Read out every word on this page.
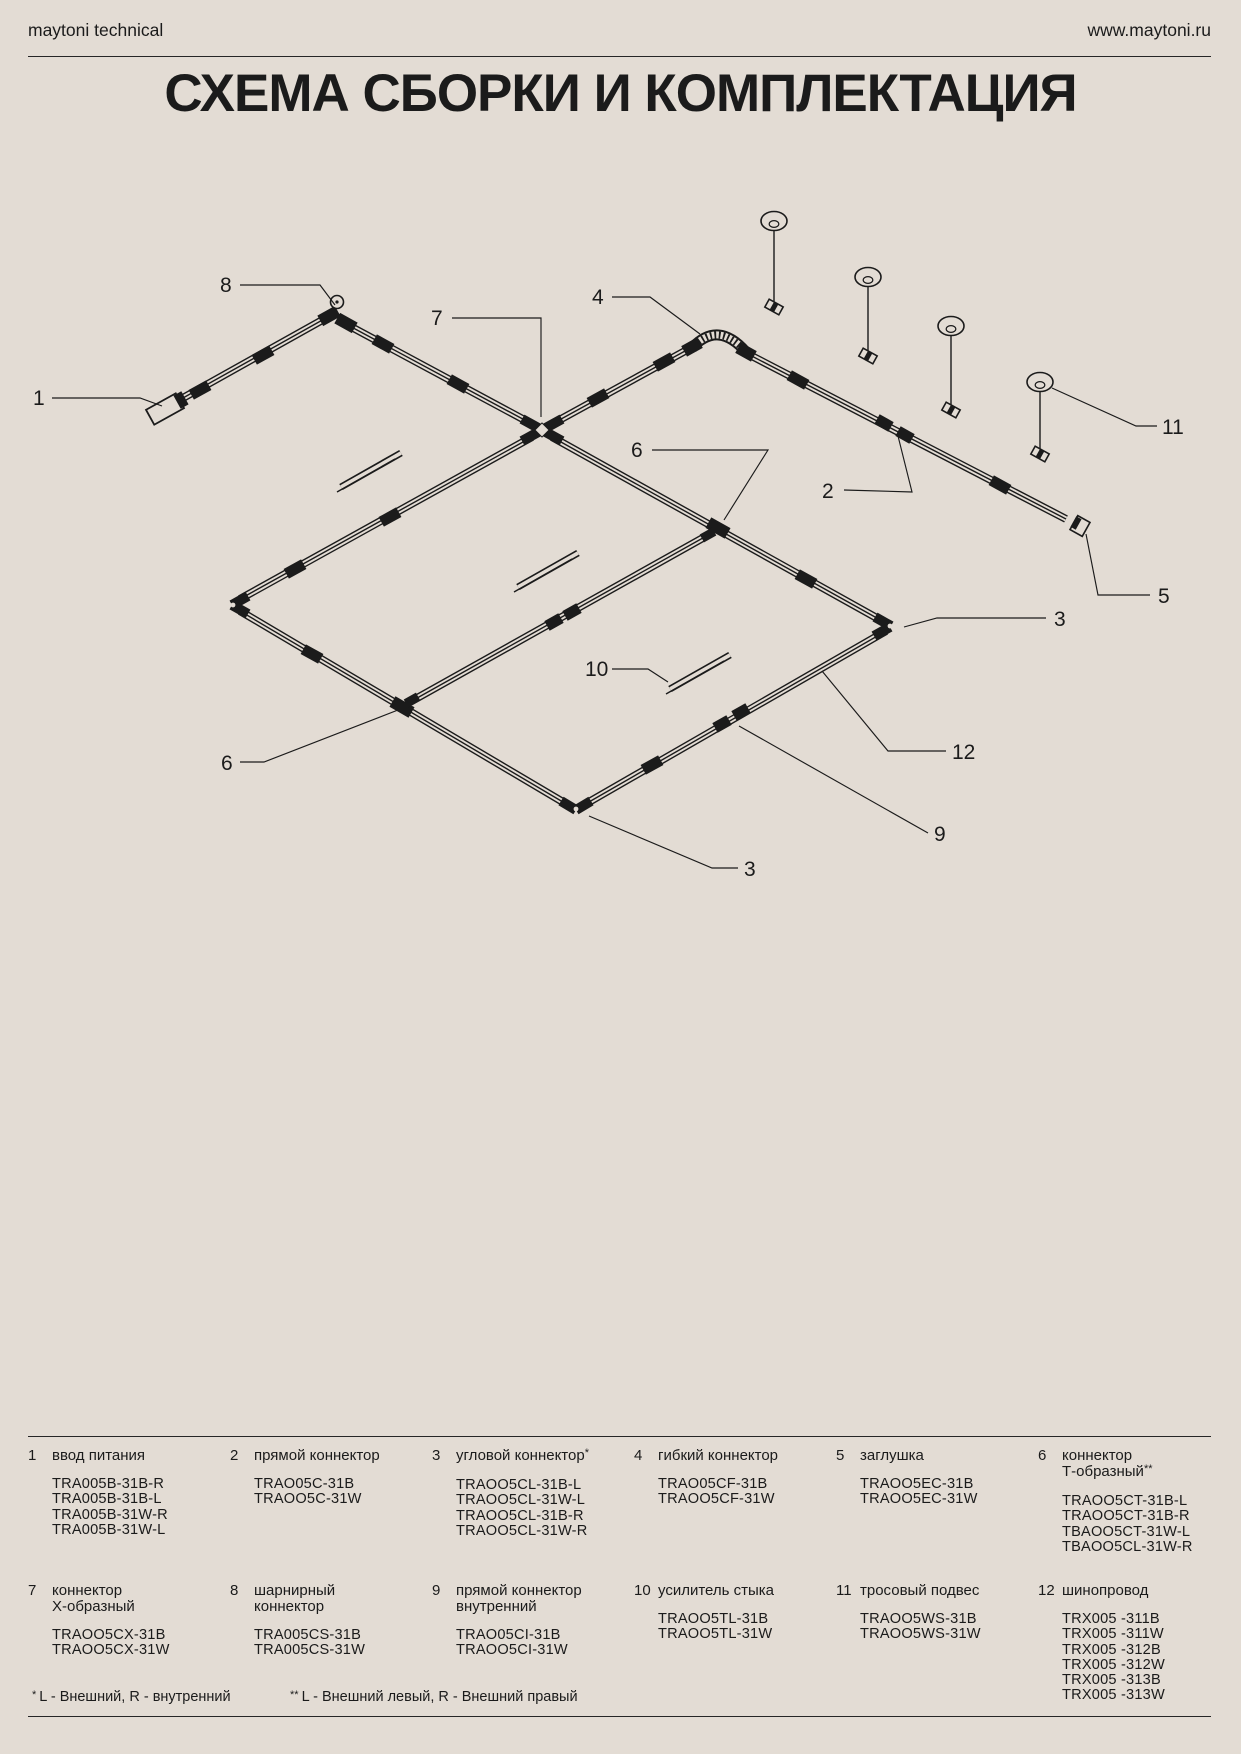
maytoni technical	www.maytoni.ru
СХЕМА СБОРКИ И КОМПЛЕКТАЦИЯ
1
8
7
4
11
6
2
5
3
10
12
6
9
3
1	ввод питания
TRA005B-31B-R
TRA005B-31B-L
TRA005B-31W-R
TRA005B-31W-L
2	прямой коннектор
TRAO05C-31B
TRAOO5C-31W
3	угловой коннектор*
TRAOO5CL-31B-L
TRAOO5CL-31W-L
TRAOO5CL-31B-R
TRAOO5CL-31W-R
4	гибкий коннектор
TRAO05CF-31B
TRAOO5CF-31W
5	заглушка
TRAOO5EC-31B
TRAOO5EC-31W
6	коннектор
Т-образный**
TRAOO5CT-31B-L
TRAOO5CT-31B-R
TBAOO5CT-31W-L
TBAOO5CL-31W-R
7	коннектор
Х-образный
TRAOO5CX-31B
TRAOO5CX-31W
8	шарнирный
коннектор
TRA005CS-31B
TRA005CS-31W
9	прямой коннектор
внутренний
TRAO05CI-31B
TRAOO5CI-31W
10 усилитель стыка
TRAOO5TL-31B
TRAOO5TL-31W
11 тросовый подвес
TRAOO5WS-31B
TRAOO5WS-31W
12 шинопровод
TRX005 -311B
TRX005 -311W
TRX005 -312B
TRX005 -312W
TRX005 -313B
TRX005 -313W
* L - Внешний, R - внутренний	** L - Внешний левый, R - Внешний правый
